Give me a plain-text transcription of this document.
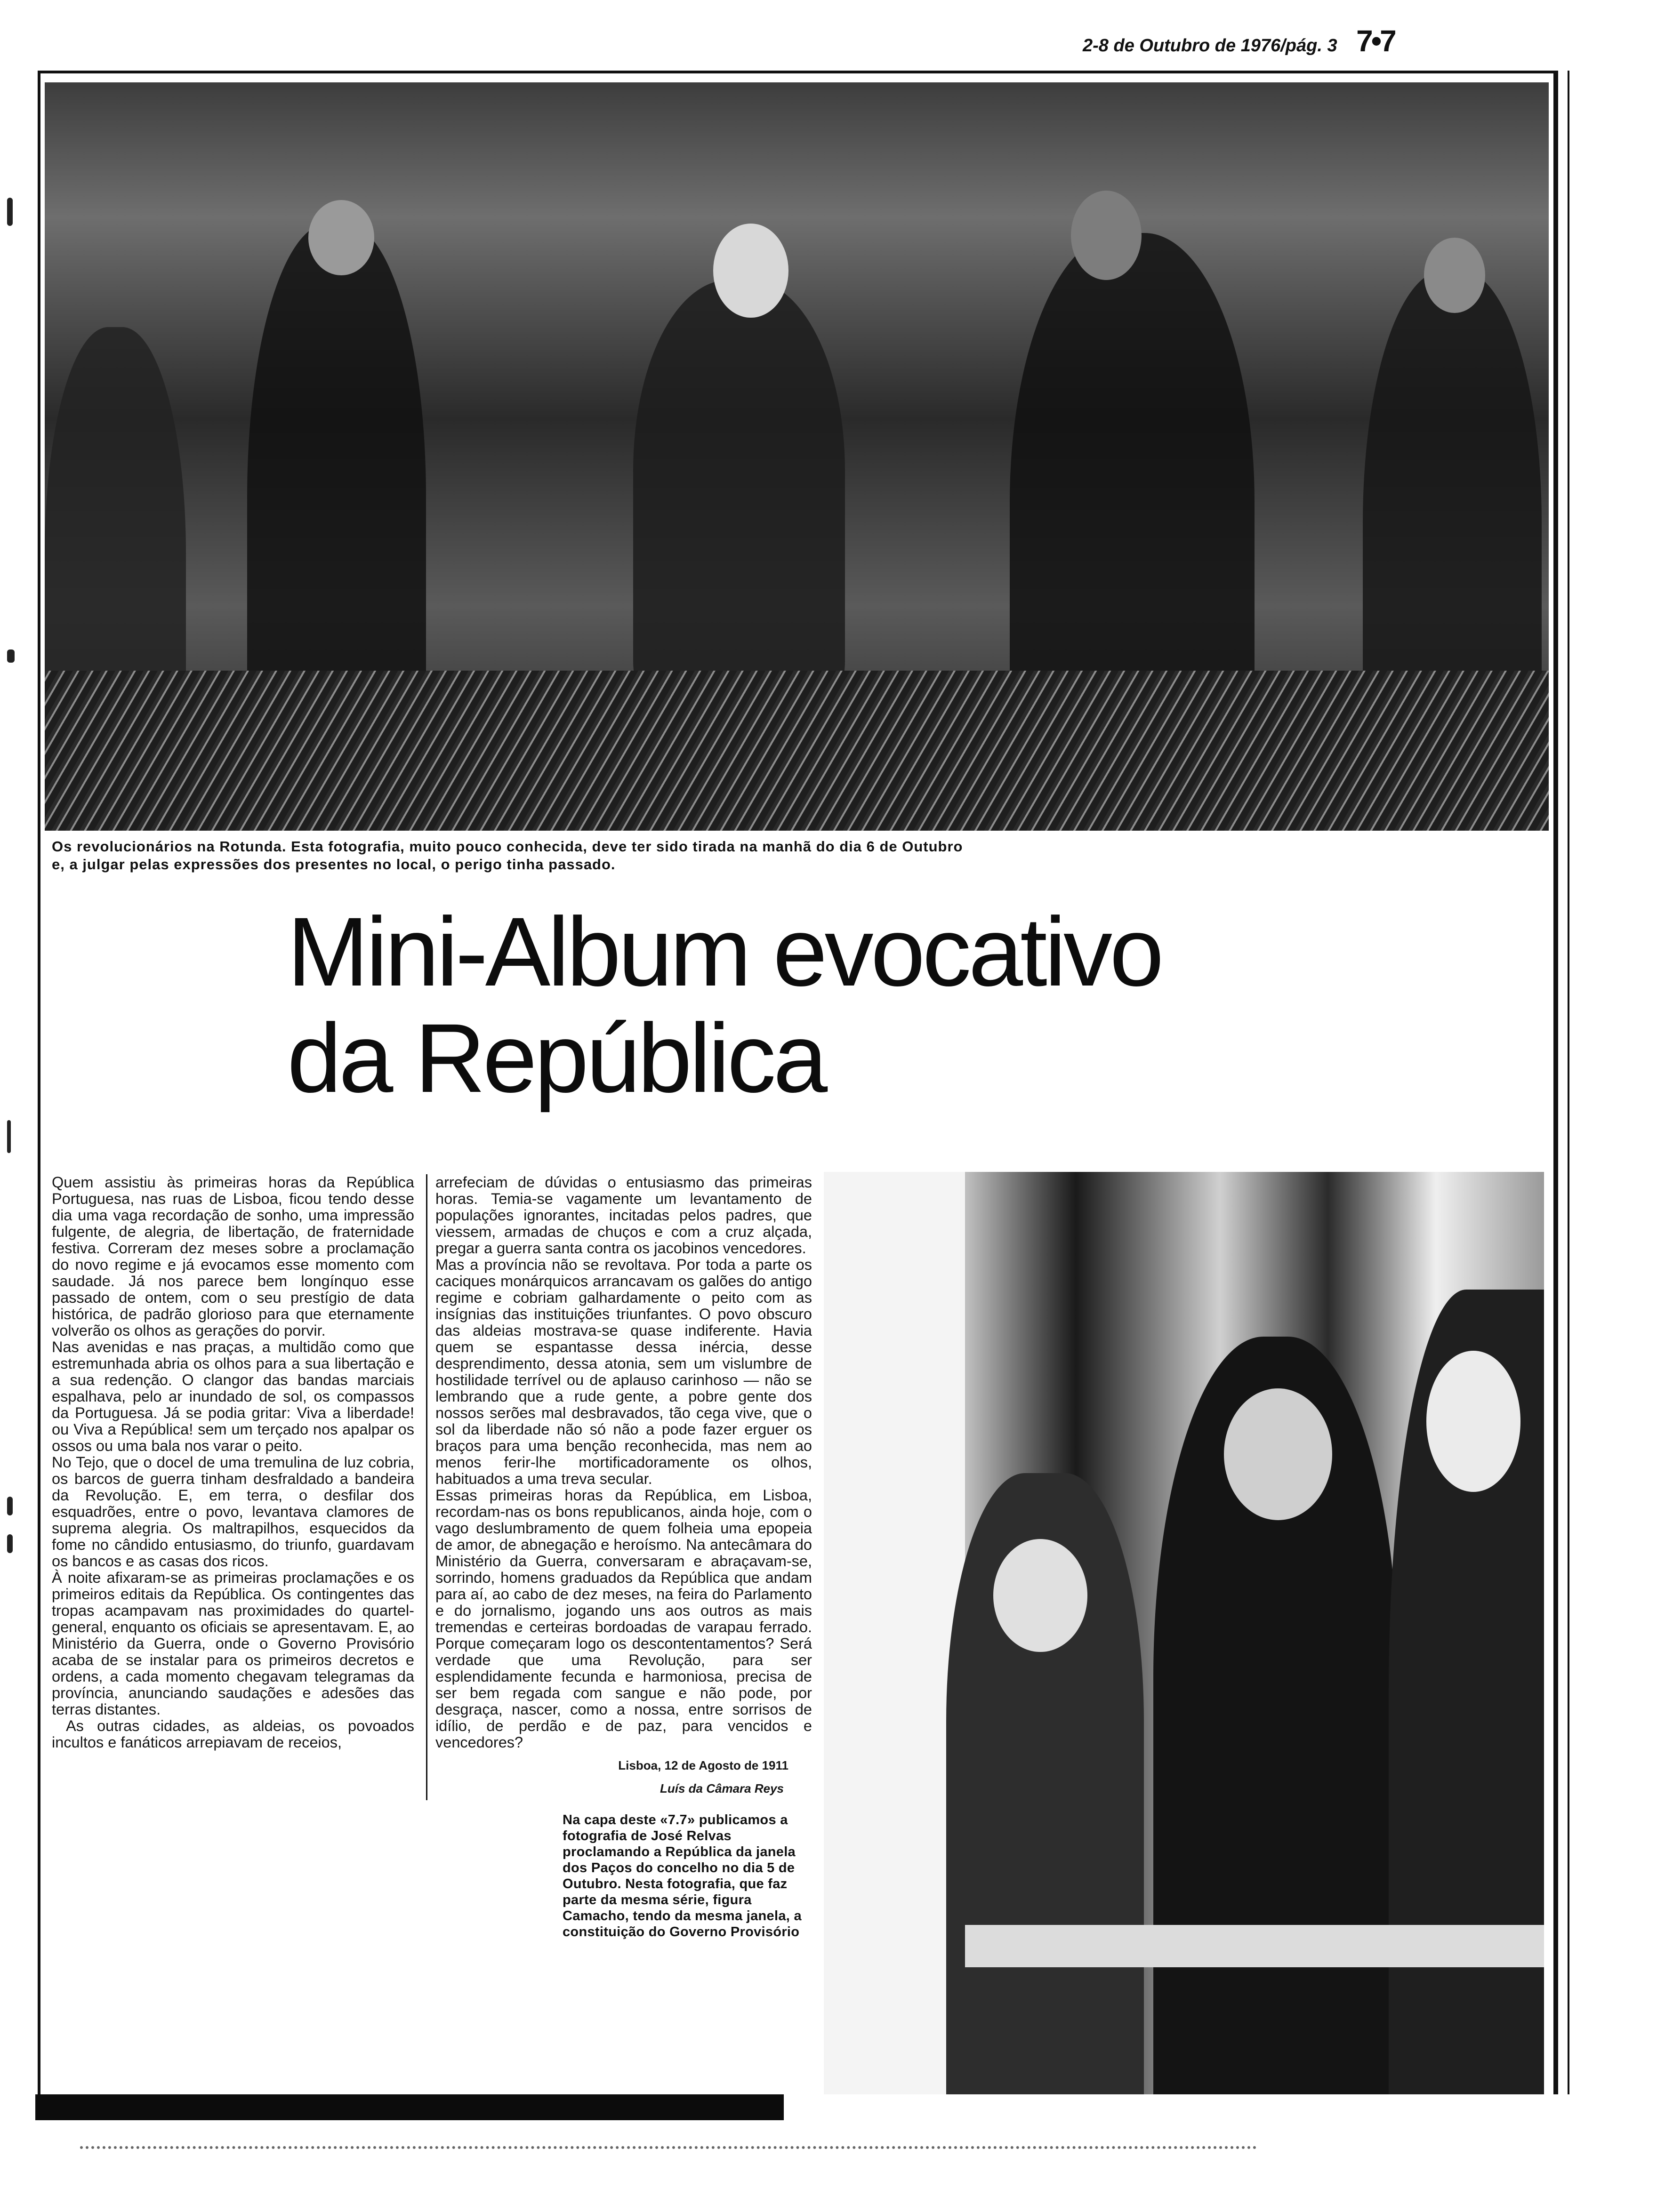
2-8 de Outubro de 1976/pág. 3 7•7
Os revolucionários na Rotunda. Esta fotografia, muito pouco conhecida, deve ter sido tirada na manhã do dia 6 de Outubro
e, a julgar pelas expressões dos presentes no local, o perigo tinha passado.
Mini-Album evocativo
da República

Quem assistiu às primeiras horas da República Portuguesa, nas ruas de Lisboa, ficou tendo desse dia uma vaga recordação de sonho, uma impressão fulgente, de alegria, de libertação, de fraternidade festiva. Correram dez meses sobre a proclamação do novo regime e já evocamos esse momento com saudade. Já nos parece bem longínquo esse passado de ontem, com o seu prestígio de data histórica, de padrão glorioso para que eternamente volverão os olhos as gerações do porvir.

Nas avenidas e nas praças, a multidão como que estremunhada abria os olhos para a sua libertação e a sua redenção. O clangor das bandas marciais espalhava, pelo ar inundado de sol, os compassos da Portuguesa. Já se podia gritar: Viva a liberdade! ou Viva a República! sem um terçado nos apalpar os ossos ou uma bala nos varar o peito.

No Tejo, que o docel de uma tremulina de luz cobria, os barcos de guerra tinham desfraldado a bandeira da Revolução. E, em terra, o desfilar dos esquadrões, entre o povo, levantava clamores de suprema alegria. Os maltrapilhos, esquecidos da fome no cândido entusiasmo, do triunfo, guardavam os bancos e as casas dos ricos.

À noite afixaram-se as primeiras proclamações e os primeiros editais da República. Os contingentes das tropas acampavam nas proximidades do quartel-general, enquanto os oficiais se apresentavam. E, ao Ministério da Guerra, onde o Governo Provisório acaba de se instalar para os primeiros decretos e ordens, a cada momento chegavam telegramas da província, anunciando saudações e adesões das terras distantes.

As outras cidades, as aldeias, os povoados incultos e fanáticos arrepiavam de receios,

arrefeciam de dúvidas o entusiasmo das primeiras horas. Temia-se vagamente um levantamento de populações ignorantes, incitadas pelos padres, que viessem, armadas de chuços e com a cruz alçada, pregar a guerra santa contra os jacobinos vencedores.

Mas a província não se revoltava. Por toda a parte os caciques monárquicos arrancavam os galões do antigo regime e cobriam galhardamente o peito com as insígnias das instituições triunfantes. O povo obscuro das aldeias mostrava-se quase indiferente. Havia quem se espantasse dessa inércia, desse desprendimento, dessa atonia, sem um vislumbre de hostilidade terrível ou de aplauso carinhoso — não se lembrando que a rude gente, a pobre gente dos nossos serões mal desbravados, tão cega vive, que o sol da liberdade não só não a pode fazer erguer os braços para uma benção reconhecida, mas nem ao menos ferir-lhe mortificadoramente os olhos, habituados a uma treva secular.

Essas primeiras horas da República, em Lisboa, recordam-nas os bons republicanos, ainda hoje, com o vago deslumbramento de quem folheia uma epopeia de amor, de abnegação e heroísmo. Na antecâmara do Ministério da Guerra, conversaram e abraçavam-se, sorrindo, homens graduados da República que andam para aí, ao cabo de dez meses, na feira do Parlamento e do jornalismo, jogando uns aos outros as mais tremendas e certeiras bordoadas de varapau ferrado. Porque começaram logo os descontentamentos? Será verdade que uma Revolução, para ser esplendidamente fecunda e harmoniosa, precisa de ser bem regada com sangue e não pode, por desgraça, nascer, como a nossa, entre sorrisos de idílio, de perdão e de paz, para vencidos e vencedores?

Lisboa, 12 de Agosto de 1911
Luís da Câmara Reys
Na capa deste «7.7» publicamos a fotografia de José Relvas proclamando a República da janela dos Paços do concelho no dia 5 de Outubro. Nesta fotografia, que faz parte da mesma série, figura Camacho, tendo da mesma janela, a constituição do Governo Provisório
